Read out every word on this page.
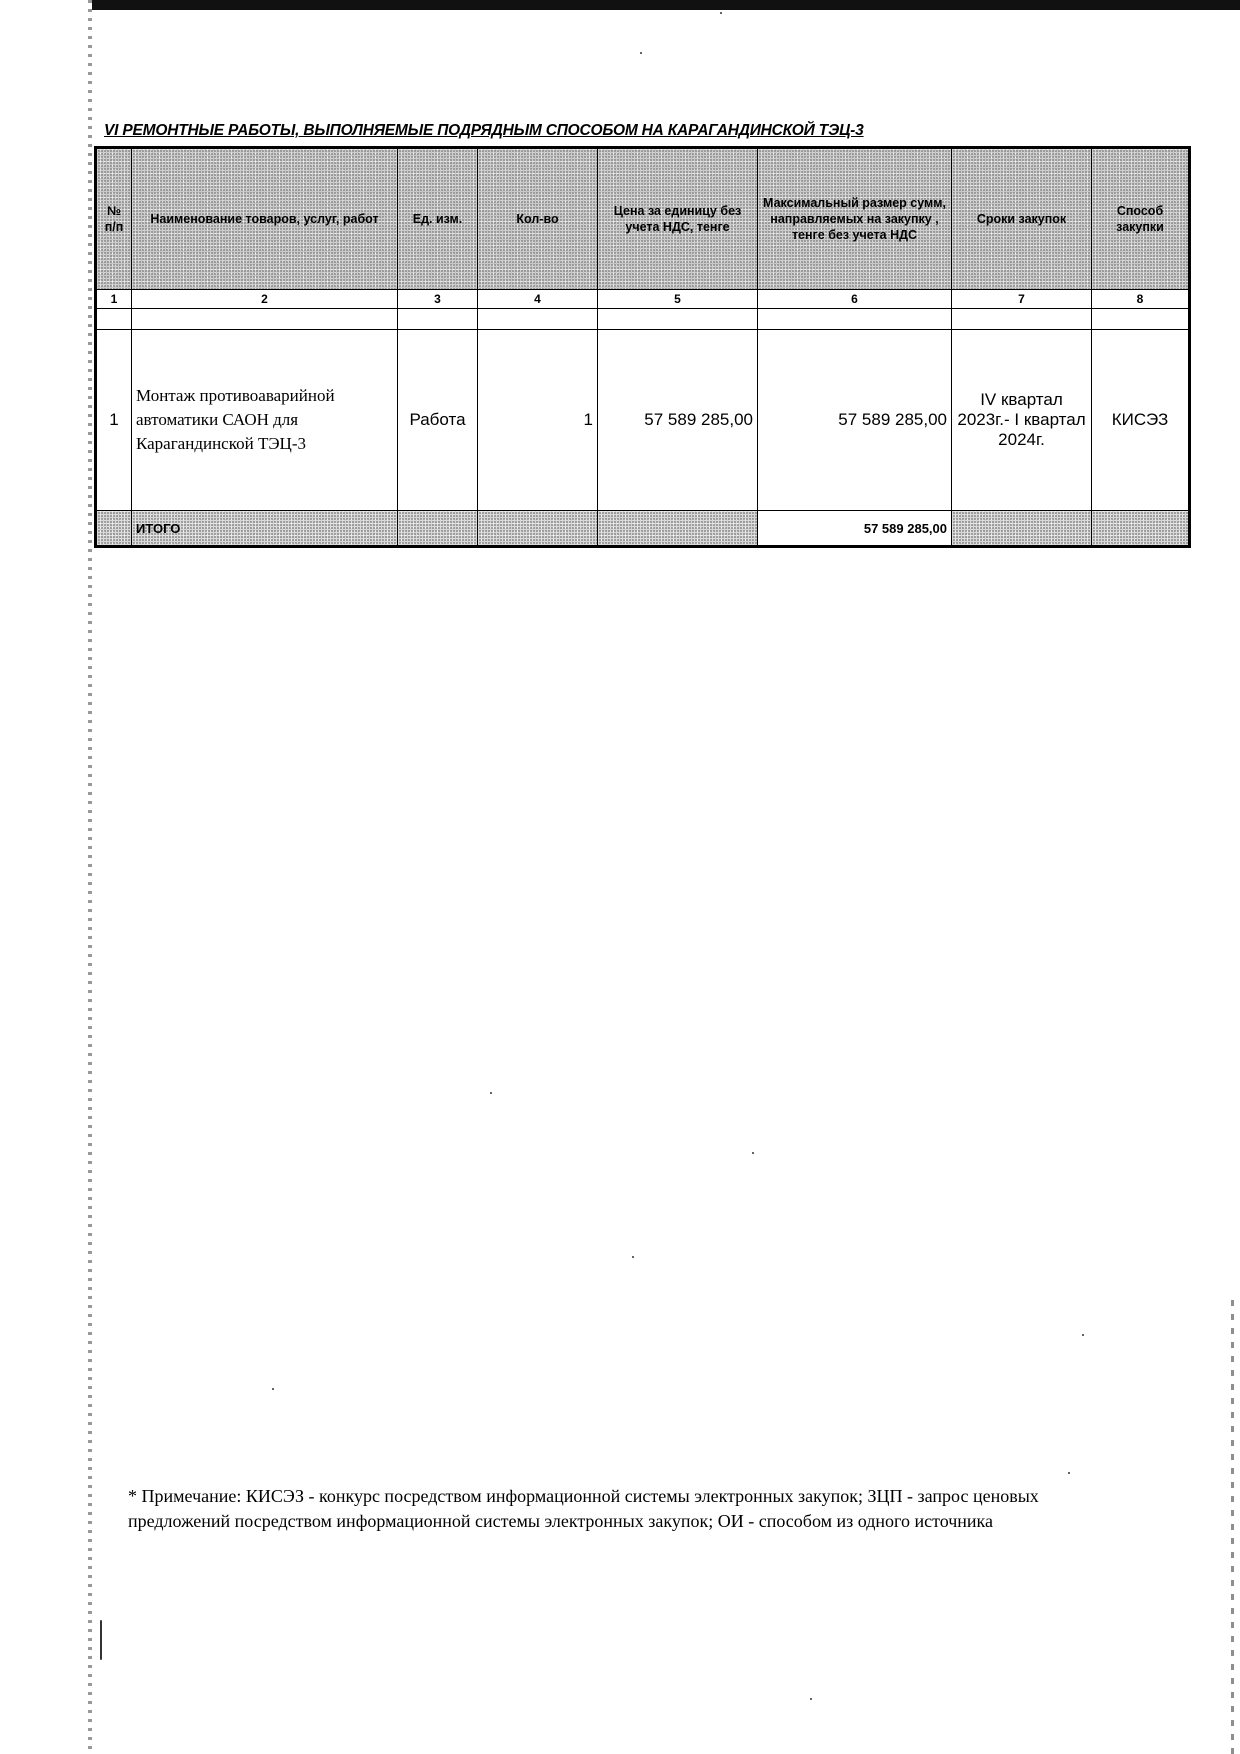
VI РЕМОНТНЫЕ РАБОТЫ, ВЫПОЛНЯЕМЫЕ ПОДРЯДНЫМ СПОСОБОМ НА КАРАГАНДИНСКОЙ ТЭЦ-3
№ п/п	Наименование товаров, услуг, работ	Ед. изм.	Кол-во	Цена за единицу без учета НДС, тенге	Максимальный размер сумм, направляемых на закупку , тенге без учета НДС	Сроки закупок	Способ закупки
1	2	3	4	5	6	7	8

1	Монтаж противоаварийной автоматики САОН для Карагандинской ТЭЦ-3	Работа	1	57 589 285,00	57 589 285,00	IV квартал 2023г.- I квартал 2024г.	КИСЭЗ
	ИТОГО				57 589 285,00		
* Примечание: КИСЭЗ - конкурс посредством информационной системы электронных закупок; ЗЦП - запрос ценовых предложений посредством информационной системы электронных закупок; ОИ - способом из одного источника
